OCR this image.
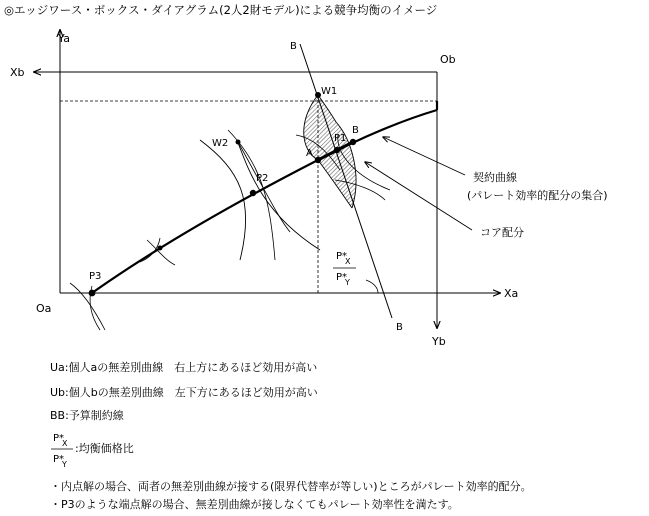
◎エッジワース・ボックス・ダイアグラム(2人2財モデル)による競争均衡のイメージ
Ya
Xa
Xb
Yb
Oa
Ob
W1
P1
A
B
B
B
W2
P2
P3
P*
X
P*
Y
契約曲線
(パレート効率的配分の集合)
コア配分
Ua:個人aの無差別曲線　右上方にあるほど効用が高い
Ub:個人bの無差別曲線　左下方にあるほど効用が高い
BB:予算制約線
P*
X
P*
Y
:均衡価格比
・内点解の場合、両者の無差別曲線が接する(限界代替率が等しい)ところがパレート効率的配分。
・P3のような端点解の場合、無差別曲線が接しなくてもパレート効率性を満たす。
